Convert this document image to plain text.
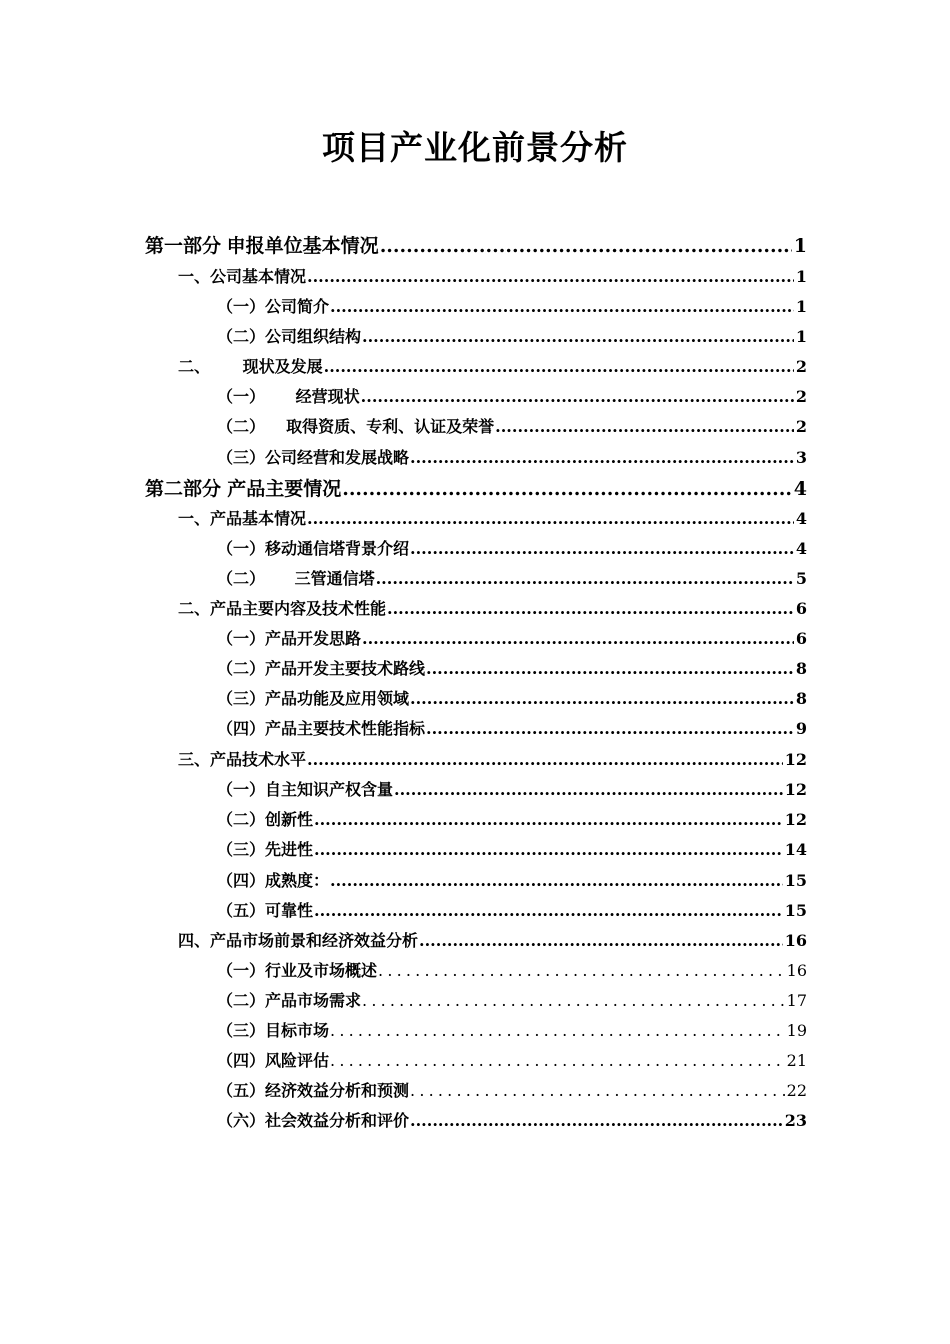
项目产业化前景分析
第一部分 申报单位基本情况 .....	1
一、 公司基本情况 .....	1
（一） 公司简介 .....	1
（二） 公司组织结构 .....	1
二、 现状及发展 .....	2
（一） 经营现状 .....	2
（二） 取得资质、专利、认证及荣誉 .....	2
（三） 公司经营和发展战略 .....	3
第二部分 产品主要情况 .....	4
一、 产品基本情况 .....	4
（一） 移动通信塔背景介绍 .....	4
（二） 三管通信塔 .....	5
二、 产品主要内容及技术性能 .....	6
（一） 产品开发思路 .....	6
（二） 产品开发主要技术路线 .....	8
（三） 产品功能及应用领域 .....	8
（四） 产品主要技术性能指标 .....	9
三、 产品技术水平 .....	12
（一） 自主知识产权含量 .....	12
（二） 创新性 .....	12
（三） 先进性 .....	14
（四） 成熟度： .....	15
（五） 可靠性 .....	15
四、 产品市场前景和经济效益分析 .....	16
（一） 行业及市场概述 .....	16
（二） 产品市场需求 .....	17
（三） 目标市场 .....	19
（四） 风险评估 .....	21
（五） 经济效益分析和预测 .....	22
（六） 社会效益分析和评价 .....	23
